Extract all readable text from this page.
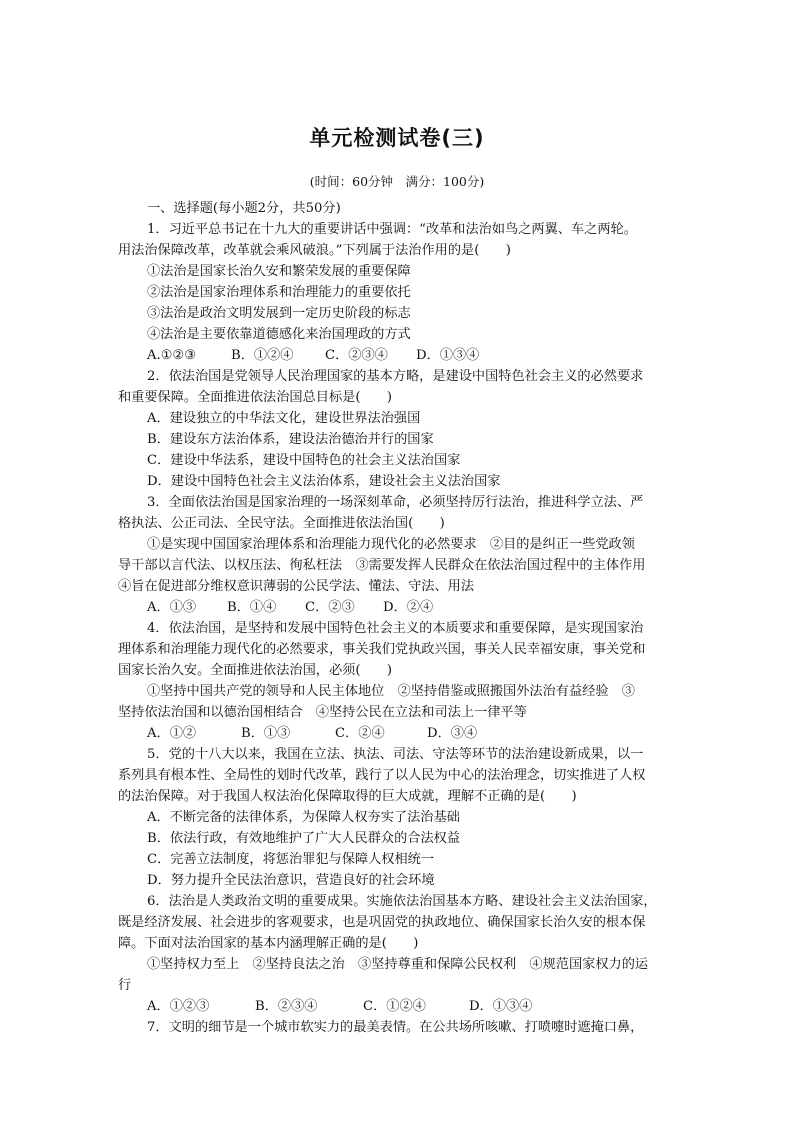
单元检测试卷(三)
(时间：60分钟　满分：100分)
一、选择题(每小题2分，共50分)
1．习近平总书记在十九大的重要讲话中强调：“改革和法治如鸟之两翼、车之两轮。
用法治保障改革，改革就会乘风破浪。”下列属于法治作用的是(　　)
①法治是国家长治久安和繁荣发展的重要保障
②法治是国家治理体系和治理能力的重要依托
③法治是政治文明发展到一定历史阶段的标志
④法治是主要依靠道德感化来治国理政的方式
A.①②③	B．①②④ C．②③④ D．①③④
2．依法治国是党领导人民治理国家的基本方略，是建设中国特色社会主义的必然要求
和重要保障。全面推进依法治国总目标是(　　)
A．建设独立的中华法文化，建设世界法治强国
B．建设东方法治体系，建设法治德治并行的国家
C．建设中华法系，建设中国特色的社会主义法治国家
D．建设中国特色社会主义法治体系，建设社会主义法治国家
3．全面依法治国是国家治理的一场深刻革命，必须坚持厉行法治，推进科学立法、严
格执法、公正司法、全民守法。全面推进依法治国(　　)
①是实现中国国家治理体系和治理能力现代化的必然要求　②目的是纠正一些党政领
导干部以言代法、以权压法、徇私枉法　③需要发挥人民群众在依法治国过程中的主体作用
④旨在促进部分维权意识薄弱的公民学法、懂法、守法、用法
A．①③ B．①④ C．②③ D．②④
4．依法治国，是坚持和发展中国特色社会主义的本质要求和重要保障，是实现国家治
理体系和治理能力现代化的必然要求，事关我们党执政兴国，事关人民幸福安康，事关党和
国家长治久安。全面推进依法治国，必须(　　)
①坚持中国共产党的领导和人民主体地位　②坚持借鉴或照搬国外法治有益经验　③
坚持依法治国和以德治国相结合　④坚持公民在立法和司法上一律平等
A．①②	B．①③	C．②④	D．③④
5．党的十八大以来，我国在立法、执法、司法、守法等环节的法治建设新成果，以一
系列具有根本性、全局性的划时代改革，践行了以人民为中心的法治理念，切实推进了人权
的法治保障。对于我国人权法治化保障取得的巨大成就，理解不正确的是(　　)
A．不断完备的法律体系，为保障人权夯实了法治基础
B．依法行政，有效地维护了广大人民群众的合法权益
C．完善立法制度，将惩治罪犯与保障人权相统一
D．努力提升全民法治意识，营造良好的社会环境
6．法治是人类政治文明的重要成果。实施依法治国基本方略、建设社会主义法治国家，
既是经济发展、社会进步的客观要求，也是巩固党的执政地位、确保国家长治久安的根本保
障。下面对法治国家的基本内涵理解正确的是(　　)
①坚持权力至上　②坚持良法之治　③坚持尊重和保障公民权利　④规范国家权力的运
行
A．①②③	B．②③④	C．①②④	D．①③④
7．文明的细节是一个城市软实力的最美表情。在公共场所咳嗽、打喷嚏时遮掩口鼻，
